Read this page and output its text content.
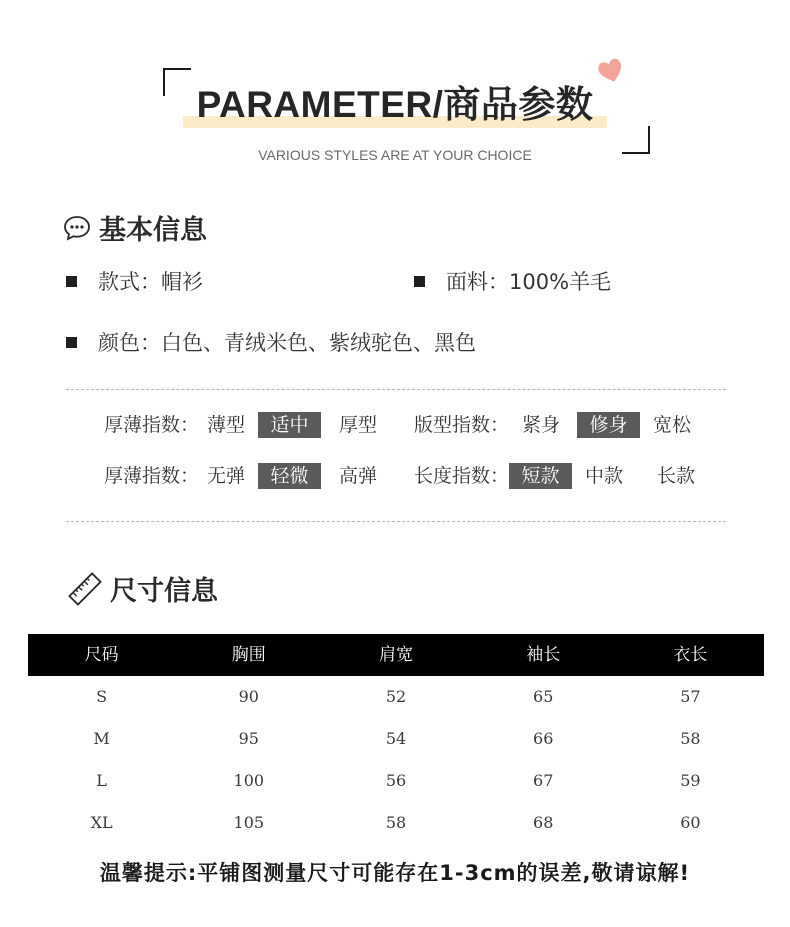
PARAMETER/商品参数
VARIOUS STYLES ARE AT YOUR CHOICE
基本信息
款式：帽衫	面料：100%羊毛
颜色：白色、青绒米色、紫绒驼色、黑色
厚薄指数： 薄型	适中	厚型 版型指数： 紧身	修身	宽松
厚薄指数： 无弹	轻微	高弹 长度指数： 短款	中款 长款
尺寸信息
尺码	胸围	肩宽	袖长	衣长
S	90	52	65	57
M	95	54	66	58
L	100	56	67	59
XL	105	58	68	60
温馨提示:平铺图测量尺寸可能存在1-3cm的误差,敬请谅解!
